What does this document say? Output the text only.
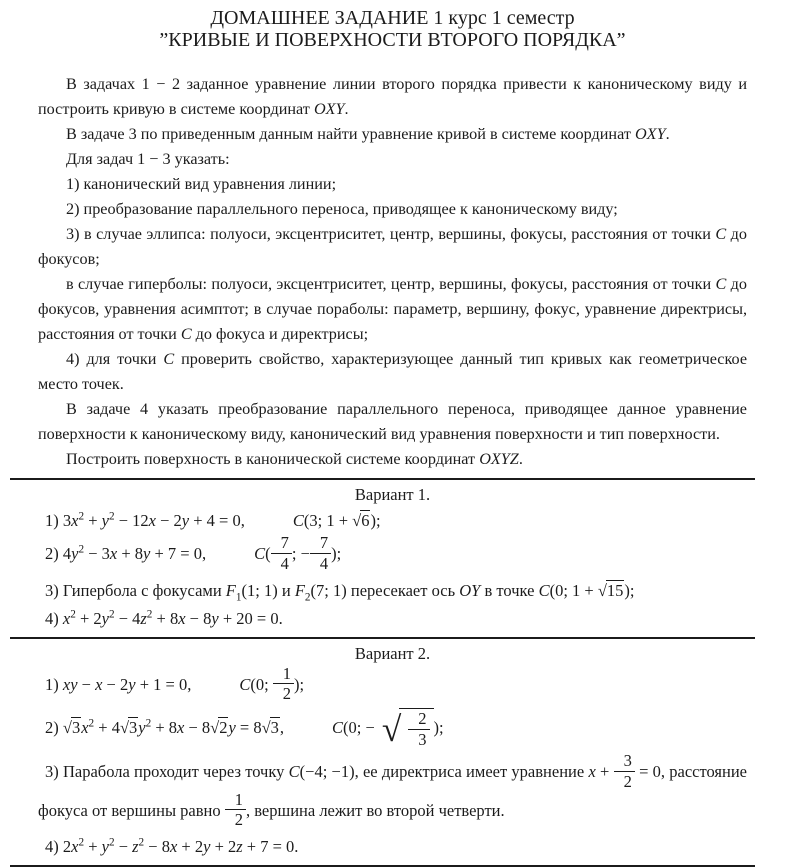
ДОМАШНЕЕ ЗАДАНИЕ 1 курс 1 семестр
”КРИВЫЕ И ПОВЕРХНОСТИ ВТОРОГО ПОРЯДКА”

В задачах 1 − 2 заданное уравнение линии второго порядка привести к каноническому виду и построить кривую в системе координат OXY.

В задаче 3 по приведенным данным найти уравнение кривой в системе координат OXY.

Для задач 1 − 3 указать:

1) канонический вид уравнения линии;

2) преобразование параллельного переноса, приводящее к каноническому виду;

3) в случае эллипса: полуоси, эксцентриситет, центр, вершины, фокусы, расстояния от точки C до фокусов;

в случае гиперболы: полуоси, эксцентриситет, центр, вершины, фокусы, расстояния от точки C до фокусов, уравнения асимптот; в случае пораболы: параметр, вершину, фокус, уравнение директрисы, расстояния от точки C до фокуса и директрисы;

4) для точки C проверить свойство, характеризующее данный тип кривых как геометрическое место точек.

В задаче 4 указать преобразование параллельного переноса, приводящее данное уравнение поверхности к каноническому виду, канонический вид уравнения поверхности и тип поверхности.

Построить поверхность в канонической системе координат OXYZ.

Вариант 1.

1) $3x^2 + y^2 - 12x - 2y + 4 = 0$,	C(3; 1 + √6);

2) $4y^2 - 3x + 8y + 7 = 0$,	$C( \frac{7}{4}$ ; − $\frac{7}{4}$ );

3) Гипербола с фокусами $F_1(1$; 1) и $F_2(7$; 1) пересекает ось OY в точке C(0; 1 + √15);

4) $x^2 + 2y^2 - 4z^2 + 8x - 8y + 20 = 0$.

Вариант 2.

1) xy − x − 2y + 1 = 0,	C(0; $\frac{1}{2}$ );

2) $√3x^2 + 4√3y^2 + 8x - 8√2y = 8√3$,	C(0; − √ $\frac{2}{3}$ );

3) Парабола проходит через точку C(−4; −1), ее директриса имеет уравнение $x + \frac{3}{2} = 0$, расстояние фокуса от вершины равно $\frac{1}{2}$ , вершина лежит во второй четверти.

4) $2x^2 + y^2 - z^2 - 8x + 2y + 2z + 7 = 0$.
